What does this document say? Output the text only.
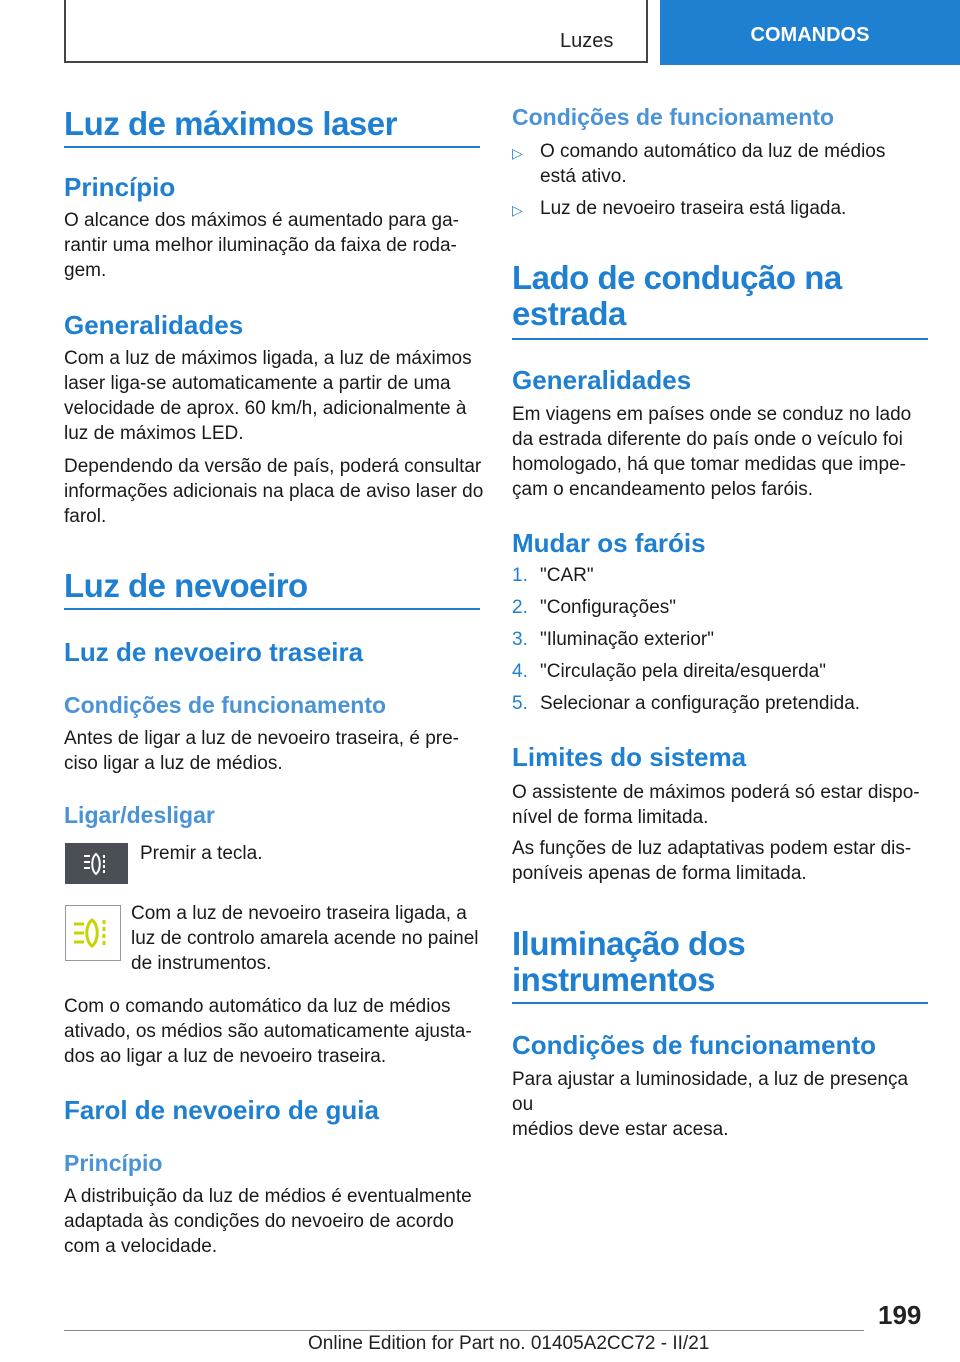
Luzes	COMANDOS
Luz de máximos laser
Princípio
O alcance dos máximos é aumentado para ga-
rantir uma melhor iluminação da faixa de roda-
gem.
Generalidades
Com a luz de máximos ligada, a luz de máximos
laser liga-se automaticamente a partir de uma
velocidade de aprox. 60 km/h, adicionalmente à
luz de máximos LED.
Dependendo da versão de país, poderá consultar
informações adicionais na placa de aviso laser do
farol.
Luz de nevoeiro
Luz de nevoeiro traseira
Condições de funcionamento
Antes de ligar a luz de nevoeiro traseira, é pre-
ciso ligar a luz de médios.
Ligar/desligar
Premir a tecla.
Com a luz de nevoeiro traseira ligada, a
luz de controlo amarela acende no painel
de instrumentos.
Com o comando automático da luz de médios
ativado, os médios são automaticamente ajusta-
dos ao ligar a luz de nevoeiro traseira.
Farol de nevoeiro de guia
Princípio
A distribuição da luz de médios é eventualmente
adaptada às condições do nevoeiro de acordo
com a velocidade.
Condições de funcionamento
▷ O comando automático da luz de médios
está ativo.
▷ Luz de nevoeiro traseira está ligada.
Lado de condução na
estrada
Generalidades
Em viagens em países onde se conduz no lado
da estrada diferente do país onde o veículo foi
homologado, há que tomar medidas que impe-
çam o encandeamento pelos faróis.
Mudar os faróis
1. "CAR"
2. "Configurações"
3. "Iluminação exterior"
4. "Circulação pela direita/esquerda"
5. Selecionar a configuração pretendida.
Limites do sistema
O assistente de máximos poderá só estar dispo-
nível de forma limitada.
As funções de luz adaptativas podem estar dis-
poníveis apenas de forma limitada.
Iluminação dos
instrumentos
Condições de funcionamento
Para ajustar a luminosidade, a luz de presença ou
médios deve estar acesa.
199
Online Edition for Part no. 01405A2CC72 - II/21
